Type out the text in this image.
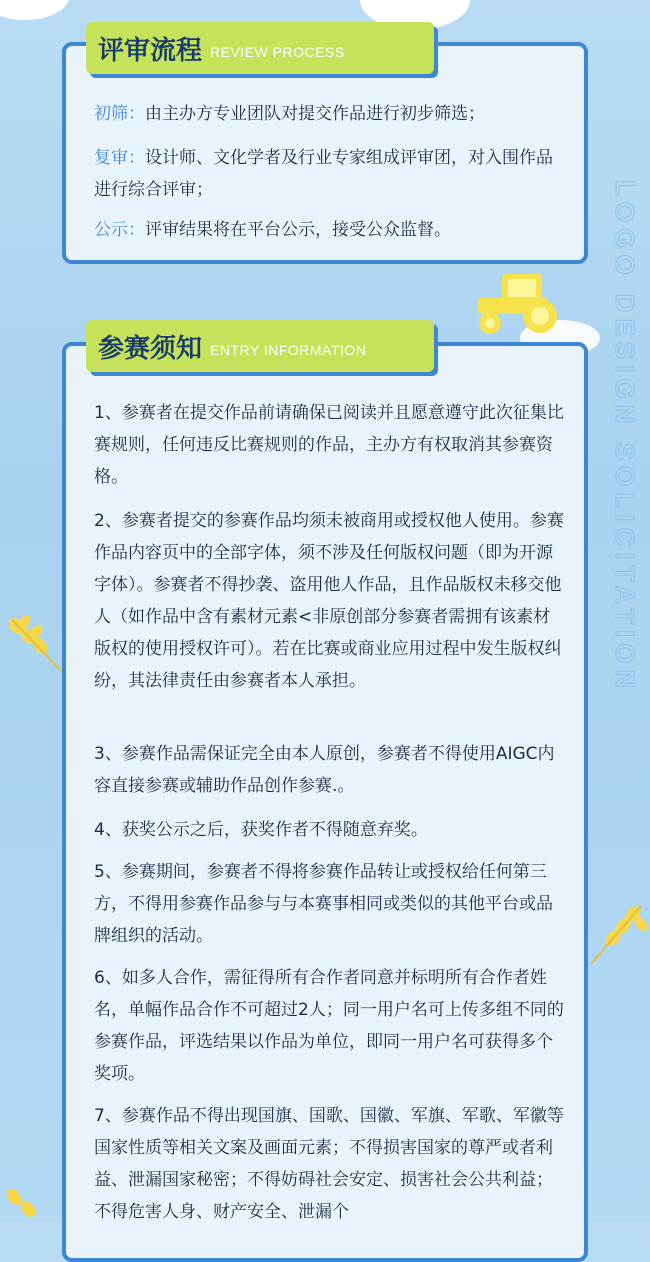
LOGO DESIGN SOLICITATION
评审流程 REVIEW PROCESS
初筛：由主办方专业团队对提交作品进行初步筛选；
复审：设计师、文化学者及行业专家组成评审团，对入围作品进行综合评审；
公示：评审结果将在平台公示，接受公众监督。
参赛须知 ENTRY INFORMATION
1、参赛者在提交作品前请确保已阅读并且愿意遵守此次征集比赛规则，任何违反比赛规则的作品，主办方有权取消其参赛资格。
2、参赛者提交的参赛作品均须未被商用或授权他人使用。参赛作品内容页中的全部字体，须不涉及任何版权问题（即为开源字体）。参赛者不得抄袭、盗用他人作品，且作品版权未移交他人（如作品中含有素材元素<非原创部分参赛者需拥有该素材版权的使用授权许可）。若在比赛或商业应用过程中发生版权纠纷，其法律责任由参赛者本人承担。
3、参赛作品需保证完全由本人原创，参赛者不得使用AIGC内容直接参赛或辅助作品创作参赛.。
4、获奖公示之后，获奖作者不得随意弃奖。
5、参赛期间，参赛者不得将参赛作品转让或授权给任何第三方，不得用参赛作品参与与本赛事相同或类似的其他平台或品牌组织的活动。
6、如多人合作，需征得所有合作者同意并标明所有合作者姓名，单幅作品合作不可超过2人；同一用户名可上传多组不同的参赛作品，评选结果以作品为单位，即同一用户名可获得多个奖项。
7、参赛作品不得出现国旗、国歌、国徽、军旗、军歌、军徽等国家性质等相关文案及画面元素；不得损害国家的尊严或者利益、泄漏国家秘密；不得妨碍社会安定、损害社会公共利益；不得危害人身、财产安全、泄漏个
